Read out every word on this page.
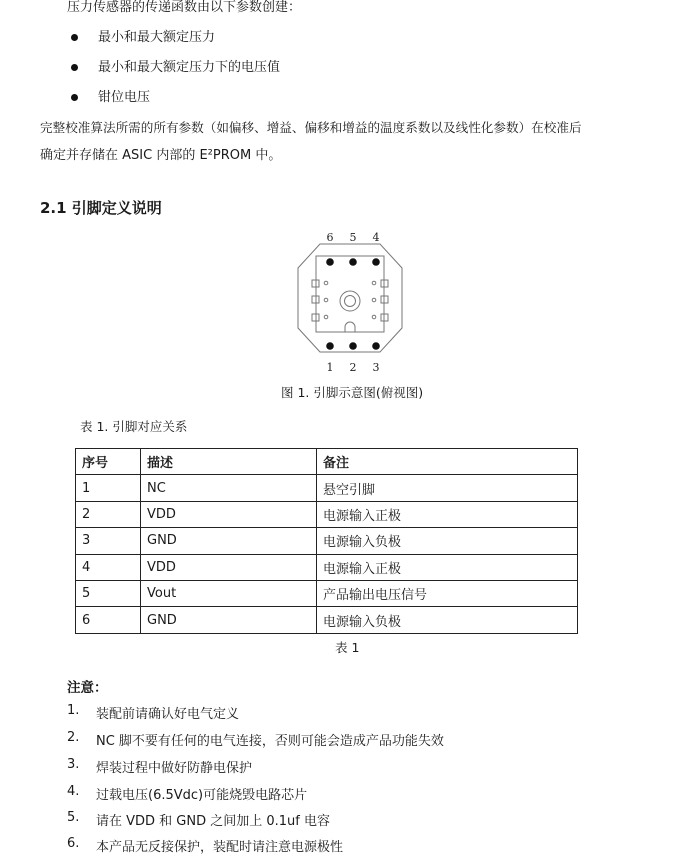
压力传感器的传递函数由以下参数创建：
最小和最大额定压力
最小和最大额定压力下的电压值
钳位电压
完整校准算法所需的所有参数（如偏移、增益、偏移和增益的温度系数以及线性化参数）在校准后
确定并存储在 ASIC 内部的 E²PROM 中。
2.1 引脚定义说明
6 5 4
1 2 3
图 1. 引脚示意图(俯视图)
表 1. 引脚对应关系
序号	描述	备注
1	NC	悬空引脚
2	VDD	电源输入正极
3	GND	电源输入负极
4	VDD	电源输入正极
5	Vout	产品输出电压信号
6	GND	电源输入负极
表 1
注意：
1. 装配前请确认好电气定义
2. NC 脚不要有任何的电气连接，否则可能会造成产品功能失效
3. 焊装过程中做好防静电保护
4. 过载电压(6.5Vdc)可能烧毁电路芯片
5. 请在 VDD 和 GND 之间加上 0.1uf 电容
6. 本产品无反接保护，装配时请注意电源极性
